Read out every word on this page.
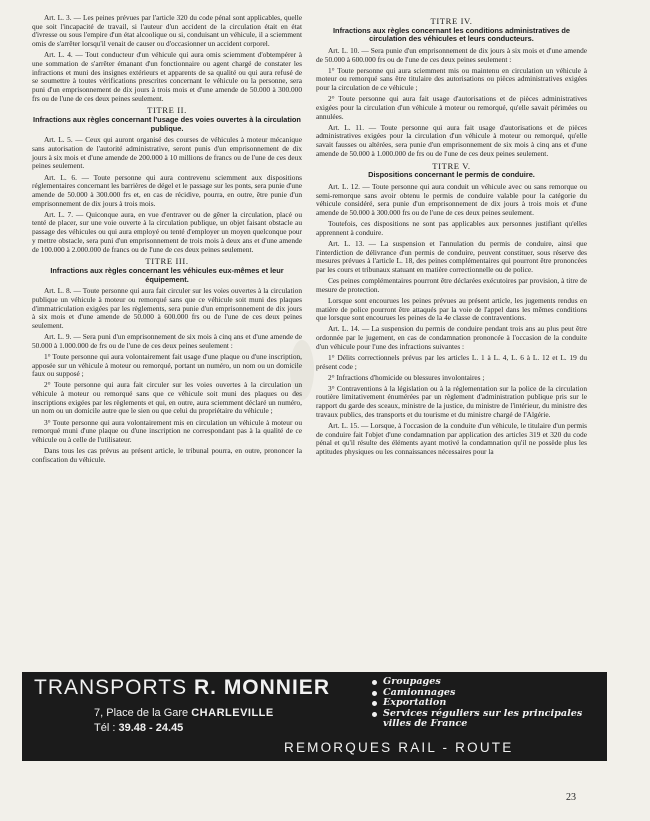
Art. L. 3. — Les peines prévues par l'article 320 du code pénal sont applicables, quelle que soit l'incapacité de travail, si l'auteur d'un accident de la circulation était en état d'ivresse ou sous l'empire d'un état alcoolique ou si, conduisant un véhicule, il a sciemment omis de s'arrêter lorsqu'il venait de causer ou d'occasionner un accident corporel.

Art. L. 4. — Tout conducteur d'un véhicule qui aura omis sciemment d'obtempérer à une sommation de s'arrêter émanant d'un fonctionnaire ou agent chargé de constater les infractions et muni des insignes extérieurs et apparents de sa qualité ou qui aura refusé de se soumettre à toutes vérifications prescrites concernant le véhicule ou la personne, sera puni d'un emprisonnement de dix jours à trois mois et d'une amende de 50.000 à 300.000 frs ou de l'une de ces deux peines seulement.

TITRE II.
Infractions aux règles concernant l'usage des voies ouvertes à la circulation publique.

Art. L. 5. — Ceux qui auront organisé des courses de véhicules à moteur mécanique sans autorisation de l'autorité administrative, seront punis d'un emprisonnement de dix jours à six mois et d'une amende de 200.000 à 10 millions de francs ou de l'une de ces deux peines seulement.

Art. L. 6. — Toute personne qui aura contrevenu sciemment aux dispositions réglementaires concernant les barrières de dégel et le passage sur les ponts, sera punie d'une amende de 50.000 à 300.000 frs et, en cas de récidive, pourra, en outre, être punie d'un emprisonnement de dix jours à trois mois.

Art. L. 7. — Quiconque aura, en vue d'entraver ou de gêner la circulation, placé ou tenté de placer, sur une voie ouverte à la circulation publique, un objet faisant obstacle au passage des véhicules ou qui aura employé ou tenté d'employer un moyen quelconque pour y mettre obstacle, sera puni d'un emprisonnement de trois mois à deux ans et d'une amende de 100.000 à 2.000.000 de francs ou de l'une de ces deux peines seulement.

TITRE III.
Infractions aux règles concernant les véhicules eux-mêmes et leur équipement.

Art. L. 8. — Toute personne qui aura fait circuler sur les voies ouvertes à la circulation publique un véhicule à moteur ou remorqué sans que ce véhicule soit muni des plaques d'immatriculation exigées par les règlements, sera punie d'un emprisonnement de dix jours à six mois et d'une amende de 50.000 à 600.000 frs ou de l'une de ces deux peines seulement.

Art. L. 9. — Sera puni d'un emprisonnement de six mois à cinq ans et d'une amende de 50.000 à 1.000.000 de frs ou de l'une de ces deux peines seulement :

1° Toute personne qui aura volontairement fait usage d'une plaque ou d'une inscription, apposée sur un véhicule à moteur ou remorqué, portant un numéro, un nom ou un domicile faux ou supposé ;

2° Toute personne qui aura fait circuler sur les voies ouvertes à la circulation un véhicule à moteur ou remorqué sans que ce véhicule soit muni des plaques ou des inscriptions exigées par les règlements et qui, en outre, aura sciemment déclaré un numéro, un nom ou un domicile autre que le sien ou que celui du propriétaire du véhicule ;

3° Toute personne qui aura volontairement mis en circulation un véhicule à moteur ou remorqué muni d'une plaque ou d'une inscription ne correspondant pas à la qualité de ce véhicule ou à celle de l'utilisateur.

Dans tous les cas prévus au présent article, le tribunal pourra, en outre, prononcer la confiscation du véhicule.

TITRE IV.
Infractions aux règles concernant les conditions administratives de circulation des véhicules et leurs conducteurs.

Art. L. 10. — Sera punie d'un emprisonnement de dix jours à six mois et d'une amende de 50.000 à 600.000 frs ou de l'une de ces deux peines seulement :

1° Toute personne qui aura sciemment mis ou maintenu en circulation un véhicule à moteur ou remorqué sans être titulaire des autorisations ou pièces administratives exigées pour la circulation de ce véhicule ;

2° Toute personne qui aura fait usage d'autorisations et de pièces administratives exigées pour la circulation d'un véhicule à moteur ou remorqué, qu'elle savait périmées ou annulées.

Art. L. 11. — Toute personne qui aura fait usage d'autorisations et de pièces administratives exigées pour la circulation d'un véhicule à moteur ou remorqué, qu'elle savait fausses ou altérées, sera punie d'un emprisonnement de six mois à cinq ans et d'une amende de 50.000 à 1.000.000 de frs ou de l'une de ces deux peines seulement.

TITRE V.
Dispositions concernant le permis de conduire.

Art. L. 12. — Toute personne qui aura conduit un véhicule avec ou sans remorque ou semi-remorque sans avoir obtenu le permis de conduire valable pour la catégorie du véhicule considéré, sera punie d'un emprisonnement de dix jours à trois mois et d'une amende de 50.000 à 300.000 frs ou de l'une de ces deux peines seulement.

Toutefois, ces dispositions ne sont pas applicables aux personnes justifiant qu'elles apprennent à conduire.

Art. L. 13. — La suspension et l'annulation du permis de conduire, ainsi que l'interdiction de délivrance d'un permis de conduire, peuvent constituer, sous réserve des mesures prévues à l'article L. 18, des peines complémentaires qui pourront être prononcées par les cours et tribunaux statuant en matière correctionnelle ou de police.

Ces peines complémentaires pourront être déclarées exécutoires par provision, à titre de mesure de protection.

Lorsque sont encourues les peines prévues au présent article, les jugements rendus en matière de police pourront être attaqués par la voie de l'appel dans les mêmes conditions que lorsque sont encourues les peines de la 4e classe de contraventions.

Art. L. 14. — La suspension du permis de conduire pendant trois ans au plus peut être ordonnée par le jugement, en cas de condamnation prononcée à l'occasion de la conduite d'un véhicule pour l'une des infractions suivantes :

1° Délits correctionnels prévus par les articles L. 1 à L. 4, L. 6 à L. 12 et L. 19 du présent code ;

2° Infractions d'homicide ou blessures involontaires ;

3° Contraventions à la législation ou à la réglementation sur la police de la circulation routière limitativement énumérées par un règlement d'administration publique pris sur le rapport du garde des sceaux, ministre de la justice, du ministre de l'intérieur, du ministre des travaux publics, des transports et du tourisme et du ministre chargé de l'Algérie.

Art. L. 15. — Lorsque, à l'occasion de la conduite d'un véhicule, le titulaire d'un permis de conduire fait l'objet d'une condamnation par application des articles 319 et 320 du code pénal et qu'il résulte des éléments ayant motivé la condamnation qu'il ne possède plus les aptitudes physiques ou les connaissances nécessaires pour la

TRANSPORTS R. MONNIER
7, Place de la Gare CHARLEVILLE
Tél : 39.48 - 24.45
Groupages
Camionnages
Exportation
Services réguliers sur les principales villes de France
REMORQUES RAIL - ROUTE
23
